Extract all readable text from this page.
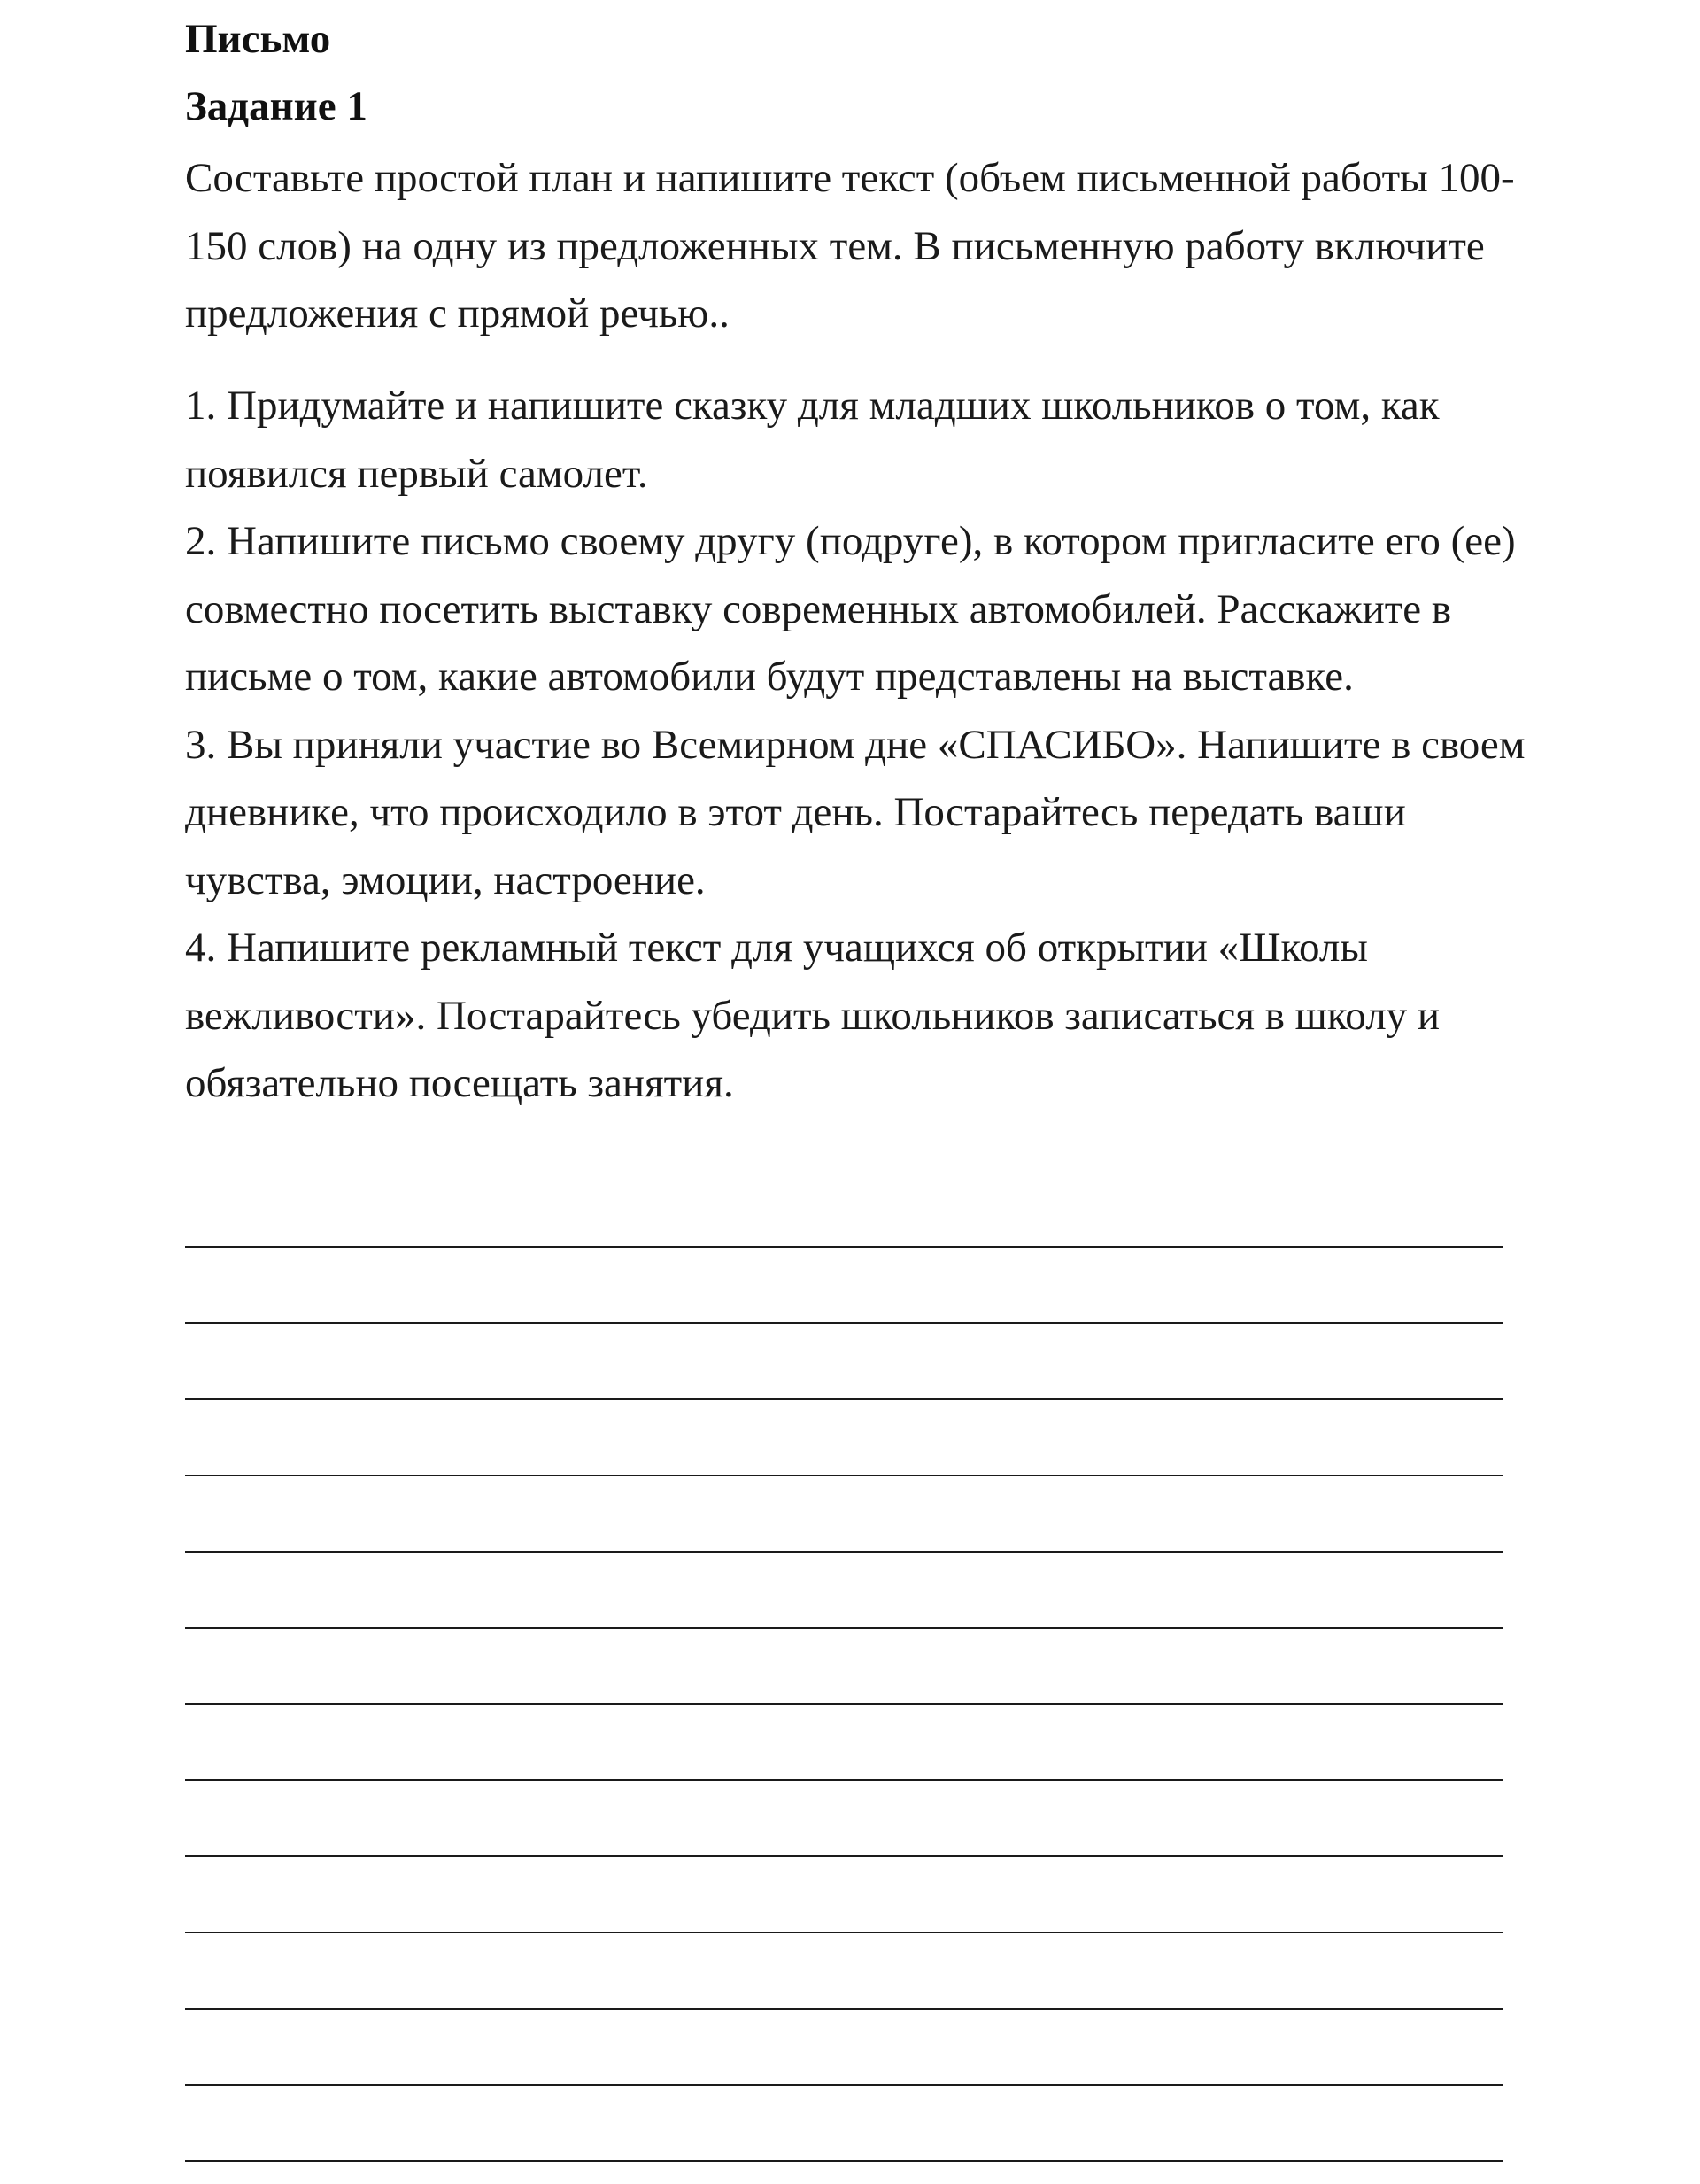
Письмо
Задание 1

Составьте простой план и напишите текст (объем письменной работы 100-150 слов) на одну из предложенных тем. В письменную работу включите предложения с прямой речью..

1. Придумайте и напишите сказку для младших школьников о том, как появился первый самолет.
2. Напишите письмо своему другу (подруге), в котором пригласите его (ее) совместно посетить выставку современных автомобилей. Расскажите в письме о том, какие автомобили будут представлены на выставке.
3. Вы приняли участие во Всемирном дне «СПАСИБО». Напишите в своем дневнике, что происходило в этот день. Постарайтесь передать ваши чувства, эмоции, настроение.
4. Напишите рекламный текст для учащихся об открытии «Школы вежливости». Постарайтесь убедить школьников записаться в школу и обязательно посещать занятия.
